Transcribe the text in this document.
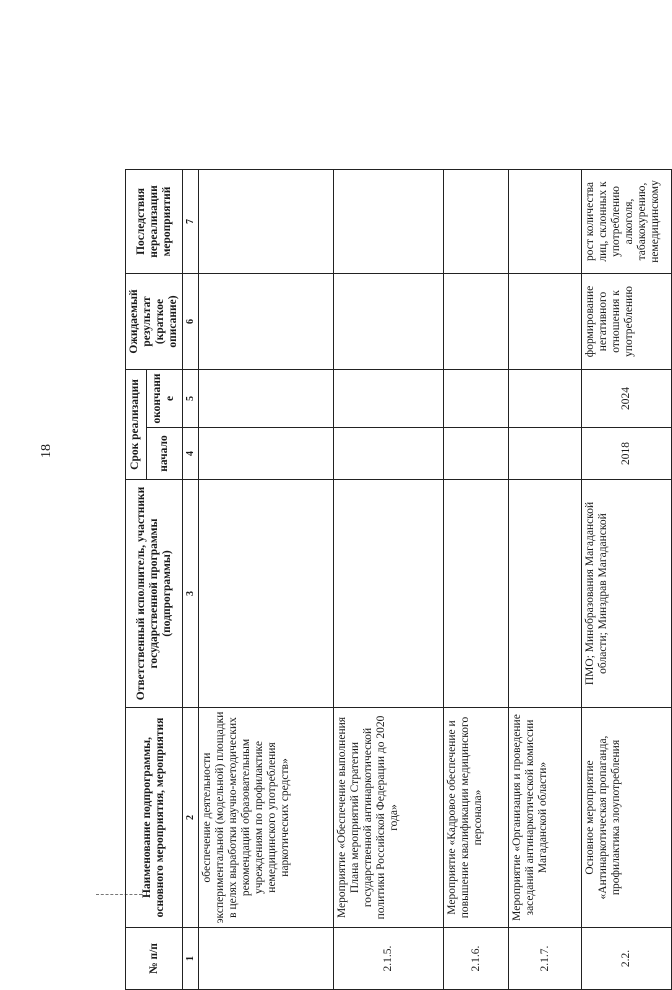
18
№ п/п	Наименование подпрограммы, основного мероприятия, мероприятия	Ответственный исполнитель, участники государственной программы (подпрограммы)	Срок реализации		Ожидаемый результат (краткое описание)	Последствия нереализации мероприятий
			начало	окончание		
1	2	3	4	5	6	7
	обеспечение деятельности экспериментальной (модельной) площадки в целях выработки научно-методических рекомендаций образовательным учреждениям по профилактике немедицинского употребления наркотических средств»					
2.1.5.	Мероприятие «Обеспечение выполнения Плана мероприятий Стратегии государственной антинаркотической политики Российской Федерации до 2020 года»					
2.1.6.	Мероприятие «Кадровое обеспечение и повышение квалификации медицинского персонала»					
2.1.7.	Мероприятие «Организация и проведение заседаний антинаркотической комиссии Магаданской области»					
2.2.	Основное мероприятие «Антинаркотическая пропаганда, профилактика злоупотребления	ПМО; Минобразования Магаданской области; Минздрав Магаданской	2018	2024	формирование негативного отношения к употреблению	рост количества лиц, склонных к употреблению алкоголя, табакокурению, немедицинскому
